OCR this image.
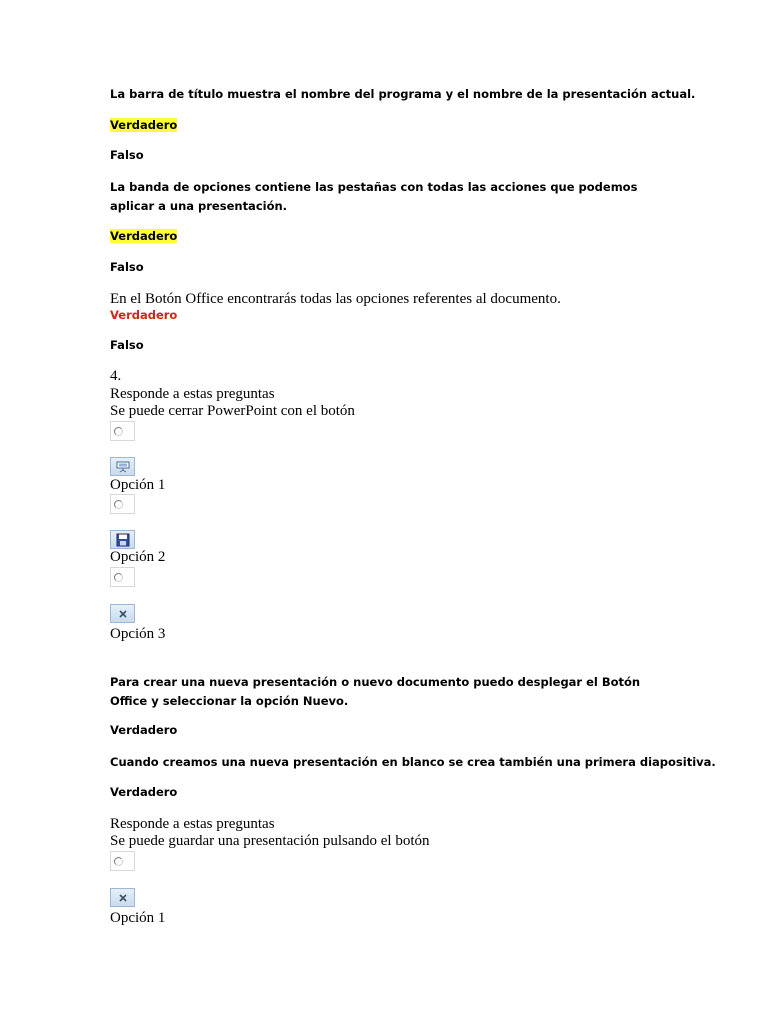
La barra de título muestra el nombre del programa y el nombre de la presentación actual.
Verdadero
Falso
La banda de opciones contiene las pestañas con todas las acciones que podemos aplicar a una presentación.
Verdadero
Falso
En el Botón Office encontrarás todas las opciones referentes al documento.
Verdadero
Falso
4.
Responde a estas preguntas
Se puede cerrar PowerPoint con el botón
Opción 1
Opción 2
Opción 3
Para crear una nueva presentación o nuevo documento puedo desplegar el Botón Office y seleccionar la opción Nuevo.
Verdadero
Cuando creamos una nueva presentación en blanco se crea también una primera diapositiva.
Verdadero
Responde a estas preguntas
Se puede guardar una presentación pulsando el botón
Opción 1
